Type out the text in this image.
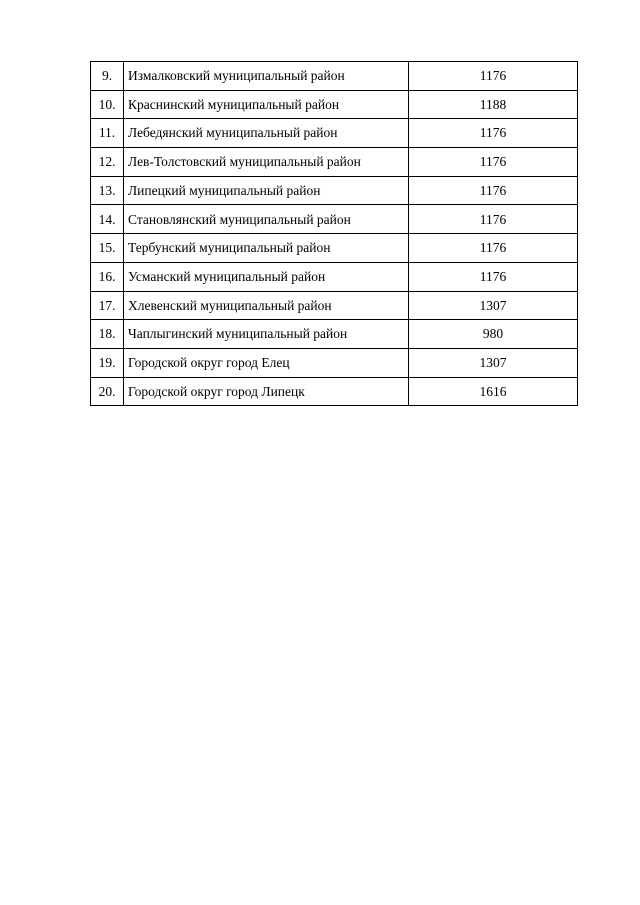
9.	Измалковский муниципальный район	1176
10.	Краснинский муниципальный район	1188
11.	Лебедянский муниципальный район	1176
12.	Лев-Толстовский муниципальный район	1176
13.	Липецкий муниципальный район	1176
14.	Становлянский муниципальный район	1176
15.	Тербунский муниципальный район	1176
16.	Усманский муниципальный район	1176
17.	Хлевенский муниципальный район	1307
18.	Чаплыгинский муниципальный район	980
19.	Городской округ город Елец	1307
20.	Городской округ город Липецк	1616
